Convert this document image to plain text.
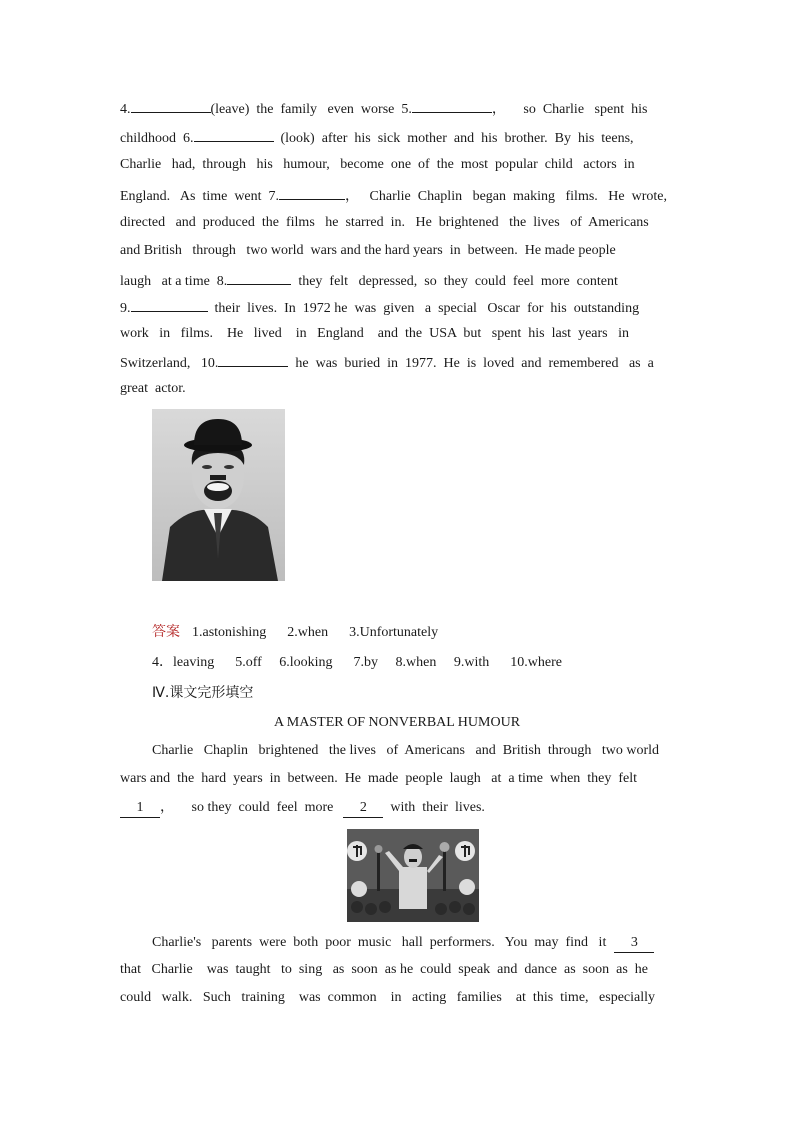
4.	(leave)  the  family   even  worse  5.	，     so  Charlie   spent  his
childhood  6.	(look)  after  his  sick  mother  and  his  brother.  By  his  teens,
Charlie   had,  through   his   humour,   become  one  of  the  most  popular  child   actors  in
England.   As  time  went  7.	，   Charlie  Chaplin   began  making   films.   He  wrote,
directed   and  produced  the  films   he  starred  in.   He  brightened   the  lives   of  Americans
and British   through   two world  wars and the hard years  in  between.  He made people
laugh   at a time  8.	they  felt   depressed,  so  they  could  feel  more  content
9.	their  lives.  In  1972 he  was  given   a  special   Oscar  for  his  outstanding
work   in   films.    He   lived    in   England    and  the  USA  but   spent  his  last  years   in
Switzerland,   10.	he  was  buried  in  1977.  He  is  loved  and  remembered   as  a
great  actor.
答案 1.astonishing      2.when      3.Unfortunately
4．leaving      5.off     6.looking      7.by     8.when     9.with      10.where
Ⅳ.课文完形填空
A MASTER OF NONVERBAL HUMOUR
Charlie   Chaplin   brightened   the lives   of  Americans   and  British  through   two world
wars and  the  hard  years  in  between.  He  made  people  laugh   at  a time  when  they  felt
1 ，     so they  could  feel  more 2  with  their  lives.
Charlie's   parents  were  both  poor  music   hall  performers.   You  may  find   it 3
that   Charlie    was  taught   to  sing   as  soon  as he  could  speak  and  dance  as  soon  as  he
could   walk.   Such   training    was  common    in   acting   families    at  this  time,   especially
